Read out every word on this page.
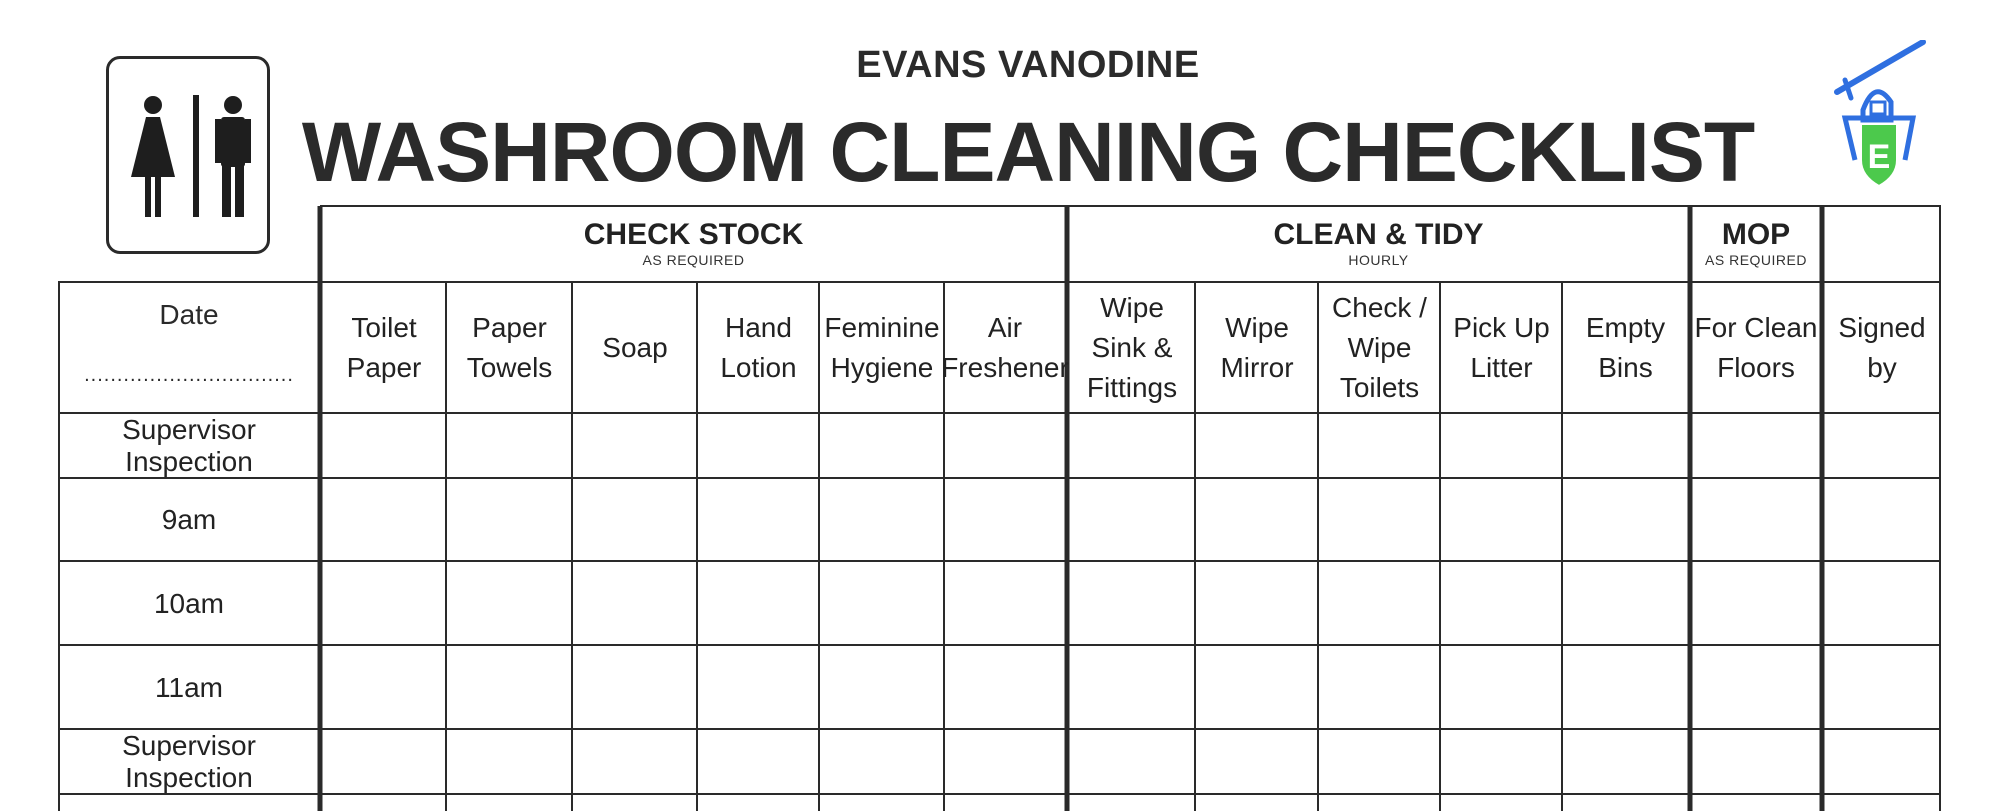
EVANS VANODINE
WASHROOM CLEANING CHECKLIST	E
CHECK STOCK
AS REQUIRED
CLEAN & TIDY
HOURLY
MOP
AS REQUIRED
Date
................................
Toilet
Paper
Paper
Towels
Soap
Hand
Lotion
Feminine
Hygiene
Air
Freshener
Wipe
Sink &
Fittings
Wipe
Mirror
Check /
Wipe
Toilets
Pick Up
Litter
Empty
Bins
For Clean
Floors
Signed
by
Supervisor Inspection
9am
10am
11am
Supervisor Inspection
